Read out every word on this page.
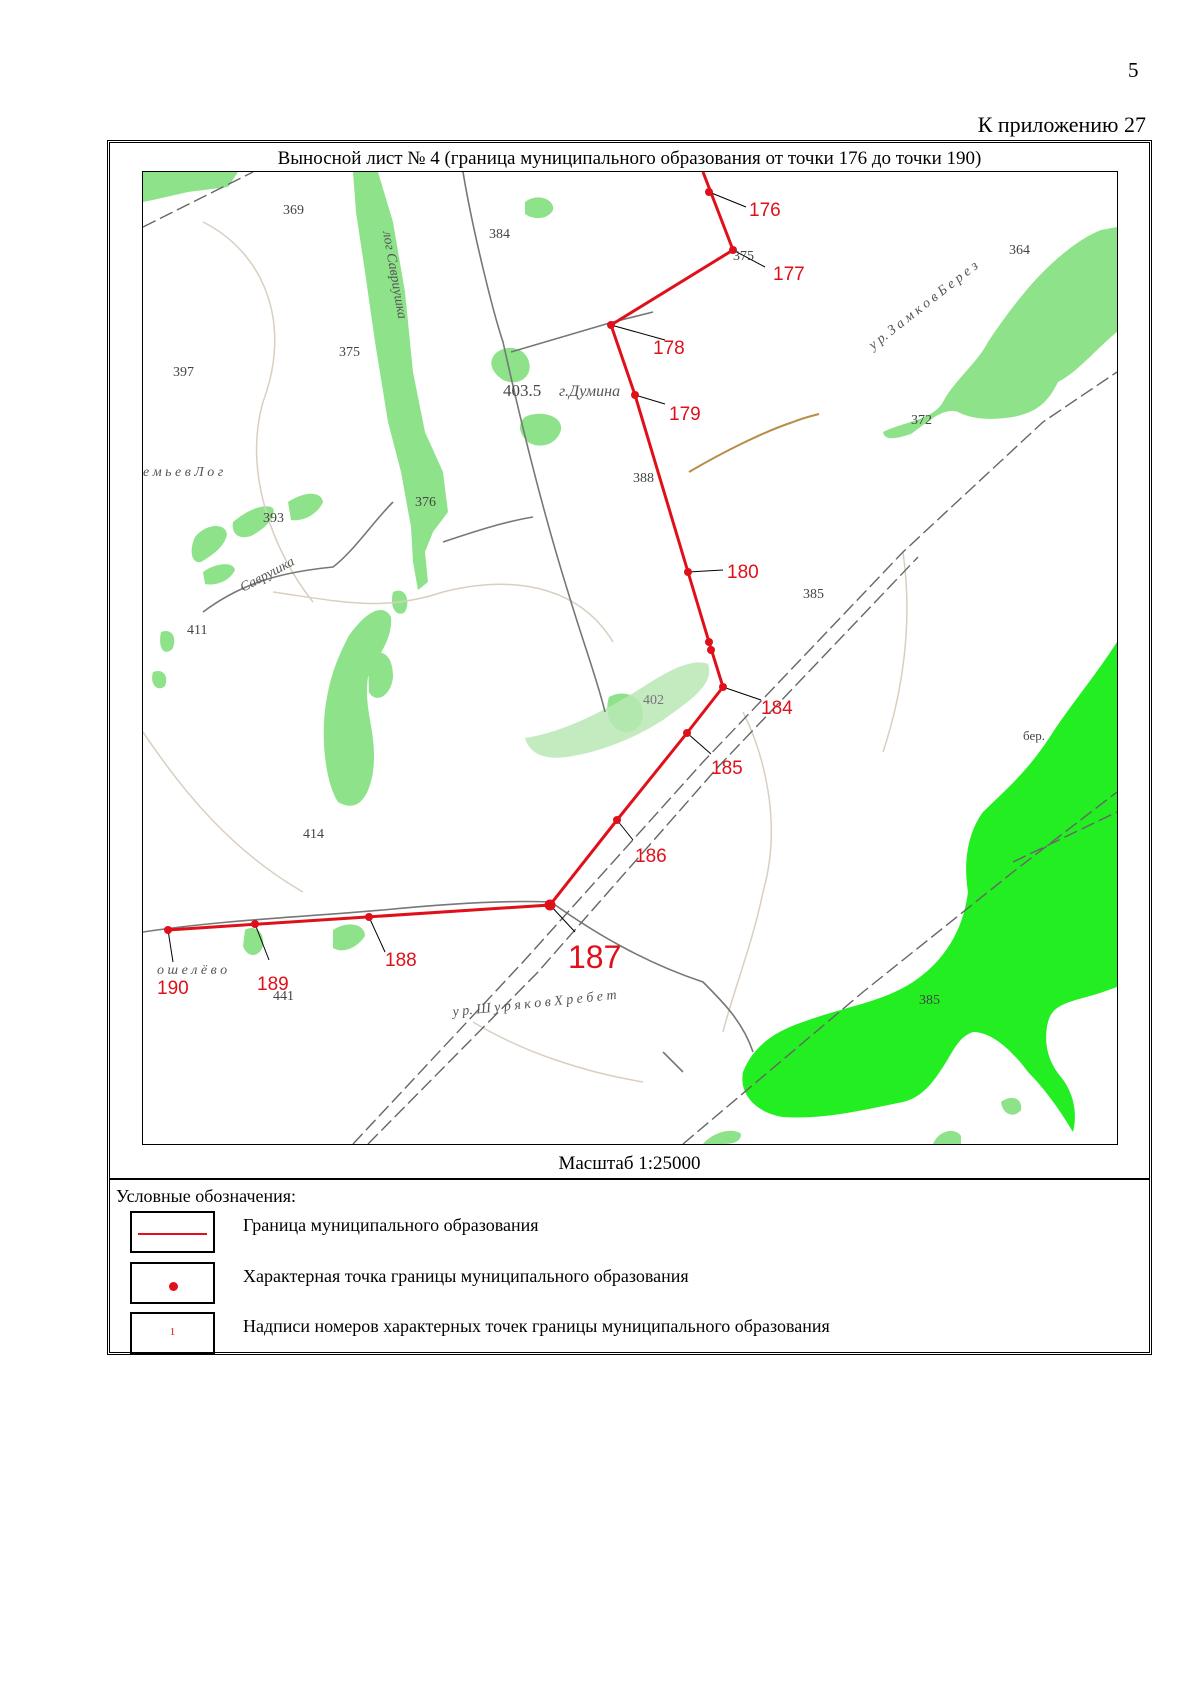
5
К приложению 27
Выносной лист № 4 (граница муниципального образования от точки 176 до точки 190)
176
177
178
179
180
184
185
186
187
188
189
190
369
384
375	364
397
375
403.5 г.Думина
372
388
393
376
385
411
402
414
441	385
лог Савриушка
Саврушка
е м ь е в Л о г
у р. З а м к о в Б е р е з
у р. Ш у р я к о в Х р е б е т
бер.
о ш е л ё в о
Масштаб 1:25000
Условные обозначения:
Граница муниципального образования
Характерная точка границы муниципального образования
1	Надписи номеров характерных точек границы муниципального образования
